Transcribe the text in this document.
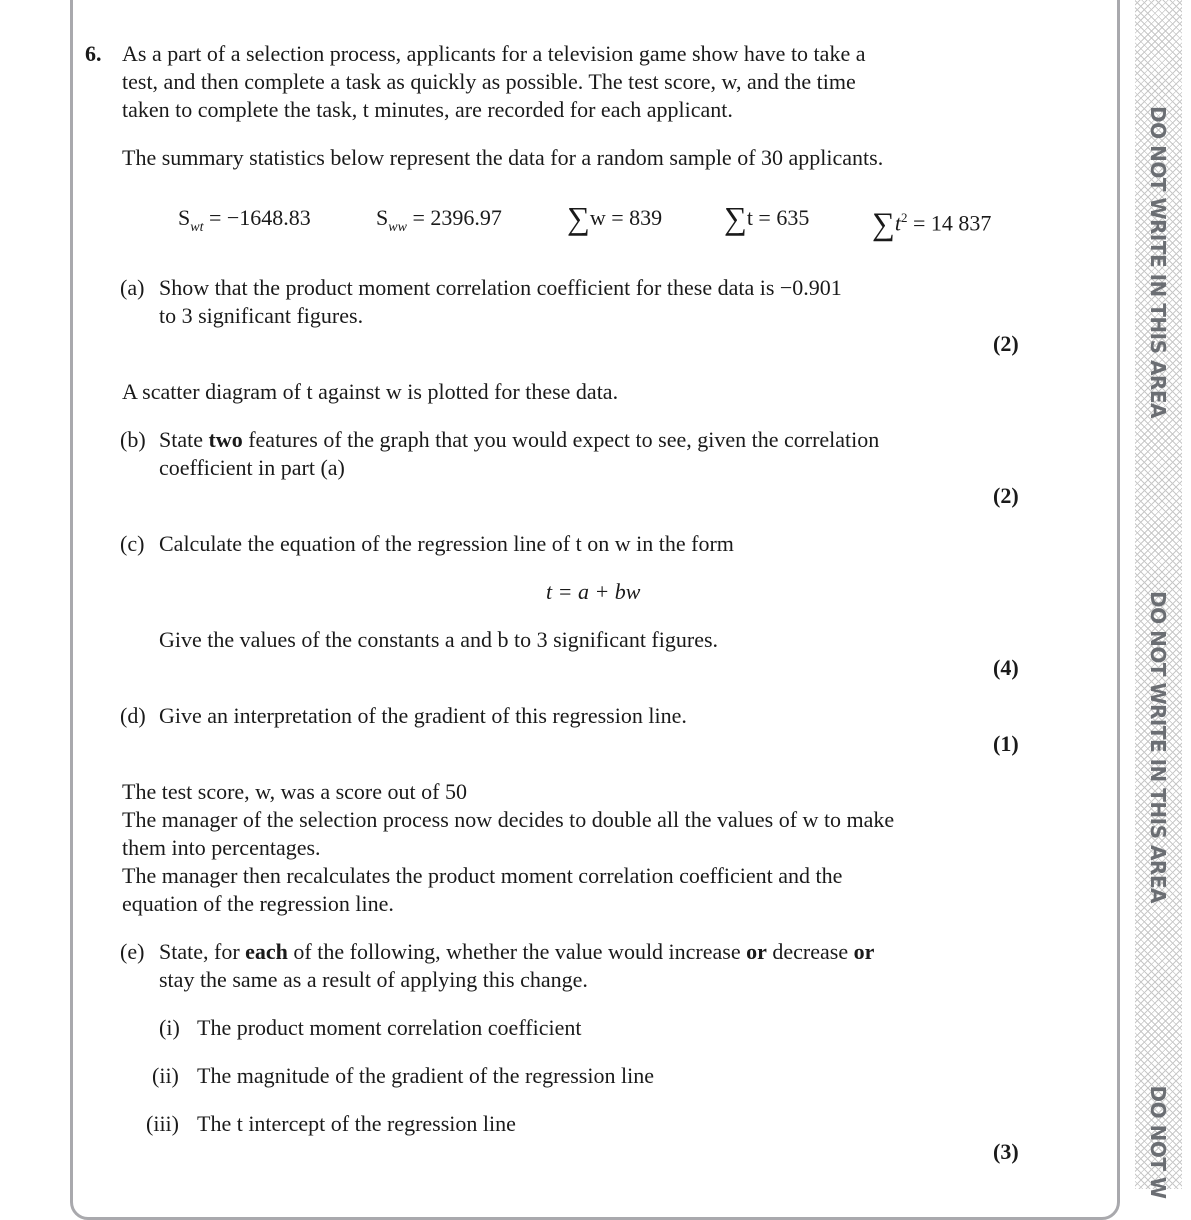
DO NOT WRITE IN THIS AREA
DO NOT WRITE IN THIS AREA
DO NOT W
6. As a part of a selection process, applicants for a television game show have to take a
test, and then complete a task as quickly as possible. The test score, w, and the time
taken to complete the task, t minutes, are recorded for each applicant.
The summary statistics below represent the data for a random sample of 30 applicants.
$S_{wt} = -1648.83$	$S_{ww} = 2396.97$ ∑w = 839 ∑t = 635 $\sum t^2 = 14$ 837
(a) Show that the product moment correlation coefficient for these data is −0.901
to 3 significant figures.
(2)
A scatter diagram of t against w is plotted for these data.
(b) State two features of the graph that you would expect to see, given the correlation
coefficient in part (a)
(2)
(c) Calculate the equation of the regression line of t on w in the form
t = a + bw
Give the values of the constants a and b to 3 significant figures.
(4)
(d) Give an interpretation of the gradient of this regression line.
(1)
The test score, w, was a score out of 50
The manager of the selection process now decides to double all the values of w to make
them into percentages.
The manager then recalculates the product moment correlation coefficient and the
equation of the regression line.
(e) State, for each of the following, whether the value would increase or decrease or
stay the same as a result of applying this change.
(i) The product moment correlation coefficient
(ii) The magnitude of the gradient of the regression line
(iii) The t intercept of the regression line
(3)
